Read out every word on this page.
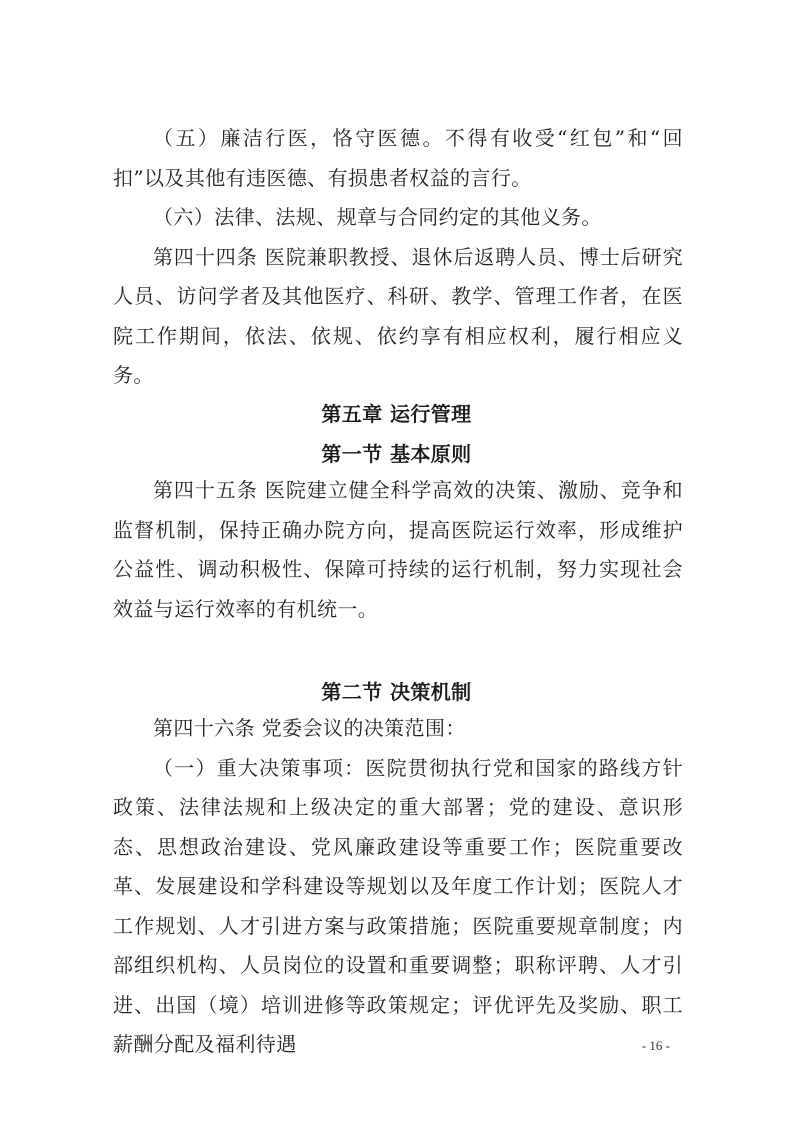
（五）廉洁行医，恪守医德。不得有收受“红包”和“回扣”以及其他有违医德、有损患者权益的言行。

（六）法律、法规、规章与合同约定的其他义务。

第四十四条 医院兼职教授、退休后返聘人员、博士后研究人员、访问学者及其他医疗、科研、教学、管理工作者，在医院工作期间，依法、依规、依约享有相应权利，履行相应义务。

第五章 运行管理
第一节 基本原则

第四十五条 医院建立健全科学高效的决策、激励、竞争和监督机制，保持正确办院方向，提高医院运行效率，形成维护公益性、调动积极性、保障可持续的运行机制，努力实现社会效益与运行效率的有机统一。

第二节 决策机制

第四十六条 党委会议的决策范围：

（一）重大决策事项：医院贯彻执行党和国家的路线方针政策、法律法规和上级决定的重大部署；党的建设、意识形态、思想政治建设、党风廉政建设等重要工作；医院重要改革、发展建设和学科建设等规划以及年度工作计划；医院人才工作规划、人才引进方案与政策措施；医院重要规章制度；内部组织机构、人员岗位的设置和重要调整；职称评聘、人才引进、出国（境）培训进修等政策规定；评优评先及奖励、职工薪酬分配及福利待遇	- 16 -
